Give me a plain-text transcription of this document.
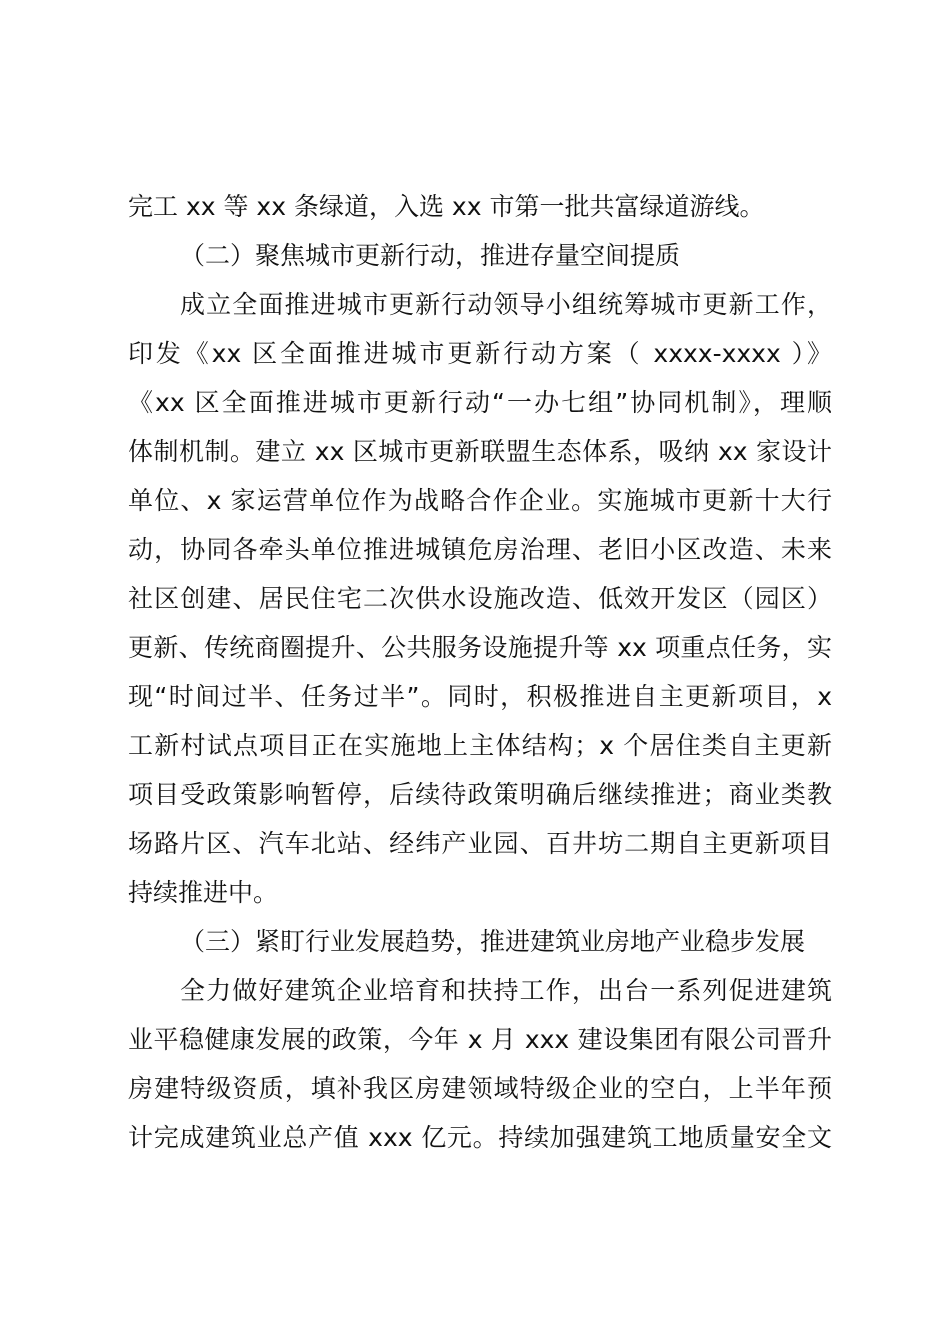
完工 xx 等 xx 条绿道，入选 xx 市第一批共富绿道游线。
（二）聚焦城市更新行动，推进存量空间提质
成立全面推进城市更新行动领导小组统筹城市更新工作，
印发《xx 区全面推进城市更新行动方案（ xxxx-xxxx ）》
《xx 区全面推进城市更新行动“一办七组”协同机制》，理顺
体制机制。建立 xx 区城市更新联盟生态体系，吸纳 xx 家设计
单位、x 家运营单位作为战略合作企业。实施城市更新十大行
动，协同各牵头单位推进城镇危房治理、老旧小区改造、未来
社区创建、居民住宅二次供水设施改造、低效开发区（园区）
更新、传统商圈提升、公共服务设施提升等 xx 项重点任务，实
现“时间过半、任务过半”。同时，积极推进自主更新项目，x
工新村试点项目正在实施地上主体结构；x 个居住类自主更新
项目受政策影响暂停，后续待政策明确后继续推进；商业类教
场路片区、汽车北站、经纬产业园、百井坊二期自主更新项目
持续推进中。
（三）紧盯行业发展趋势，推进建筑业房地产业稳步发展
全力做好建筑企业培育和扶持工作，出台一系列促进建筑
业平稳健康发展的政策，今年 x 月 xxx 建设集团有限公司晋升
房建特级资质，填补我区房建领域特级企业的空白，上半年预
计完成建筑业总产值 xxx 亿元。持续加强建筑工地质量安全文
